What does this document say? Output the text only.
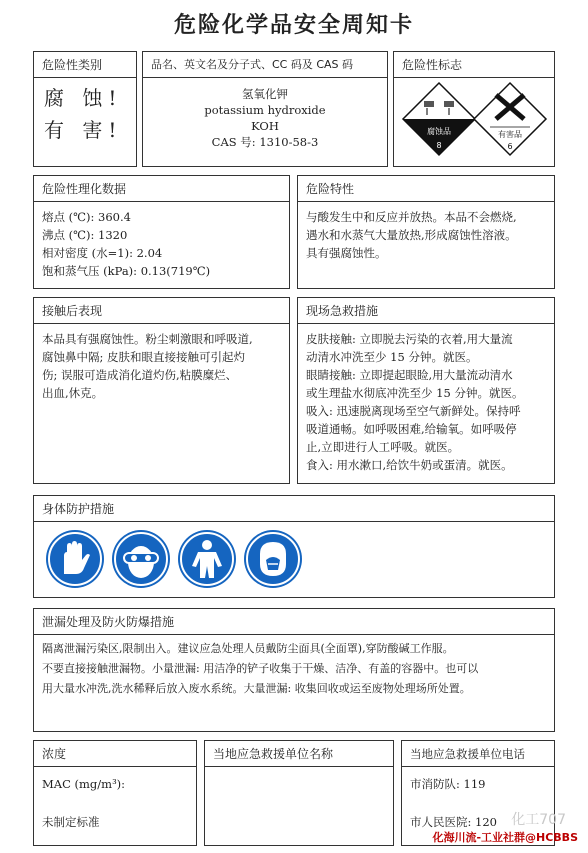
危险化学品安全周知卡
危险性类别
腐 蚀!
有 害!
品名、英文名及分子式、CC 码及 CAS 码
氢氧化钾
potassium hydroxide
KOH
CAS 号: 1310-58-3
危险性标志
腐蚀品
8
有害品
6
危险性理化数据
熔点 (℃): 360.4
沸点 (℃): 1320
相对密度 (水=1): 2.04
饱和蒸气压 (kPa): 0.13(719℃)
危险特性
与酸发生中和反应并放热。本品不会燃烧,
遇水和水蒸气大量放热,形成腐蚀性溶液。
具有强腐蚀性。
接触后表现
本品具有强腐蚀性。粉尘刺激眼和呼吸道,
腐蚀鼻中隔; 皮肤和眼直接接触可引起灼
伤; 误服可造成消化道灼伤,粘膜糜烂、
出血,休克。
现场急救措施
皮肤接触: 立即脱去污染的衣着,用大量流
动清水冲洗至少 15 分钟。就医。
眼睛接触: 立即提起眼睑,用大量流动清水
或生理盐水彻底冲洗至少 15 分钟。就医。
吸入: 迅速脱离现场至空气新鲜处。保持呼
吸道通畅。如呼吸困难,给输氧。如呼吸停
止,立即进行人工呼吸。就医。
食入: 用水漱口,给饮牛奶或蛋清。就医。
身体防护措施
泄漏处理及防火防爆措施
隔离泄漏污染区,限制出入。建议应急处理人员戴防尘面具(全面罩),穿防酸碱工作服。
不要直接接触泄漏物。小量泄漏: 用洁净的铲子收集于干燥、洁净、有盖的容器中。也可以
用大量水冲洗,洗水稀释后放入废水系统。大量泄漏: 收集回收或运至废物处理场所处置。
浓度
MAC (mg/m³):
未制定标准
当地应急救援单位名称	当地应急救援单位电话
市消防队: 119
市人民医院: 120	化工707
化海川流-工业社群@HCBBS
